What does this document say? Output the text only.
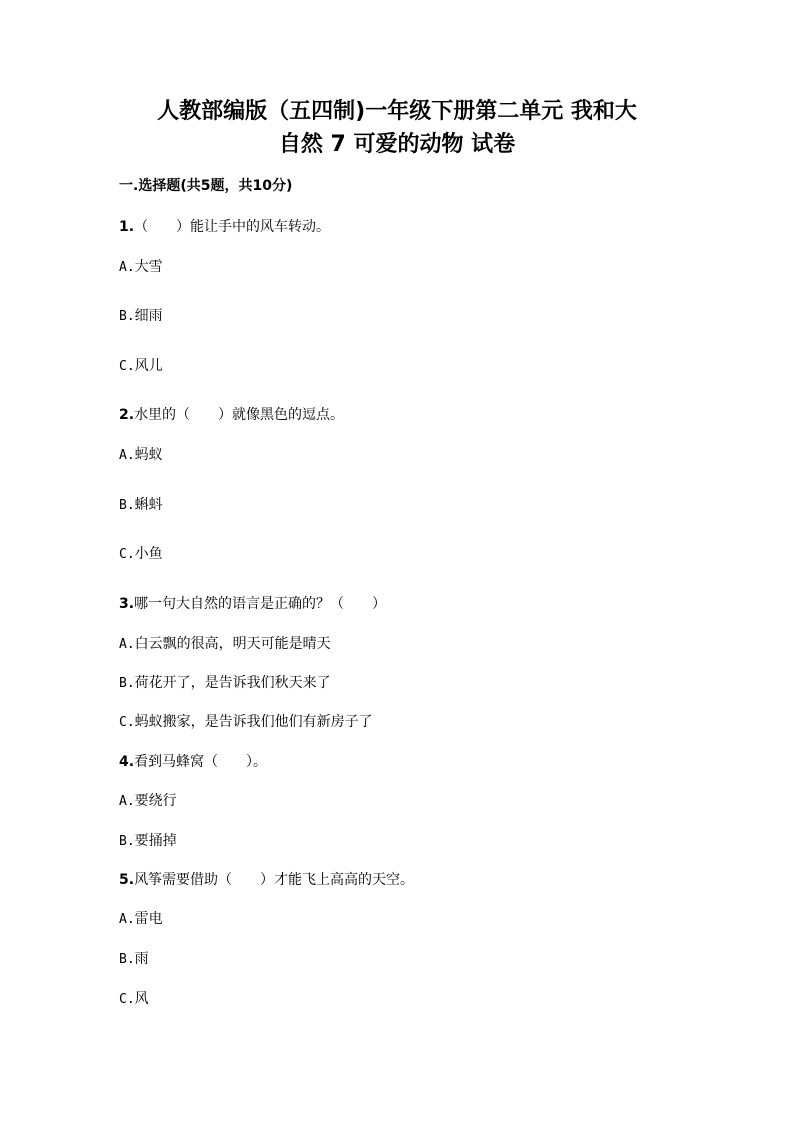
人教部编版（五四制)一年级下册第二单元 我和大
自然 7 可爱的动物 试卷
一.选择题(共5题，共10分)
1.（　　）能让手中的风车转动。
A.大雪
B.细雨
C.风儿
2.水里的（　　）就像黑色的逗点。
A.蚂蚁
B.蝌蚪
C.小鱼
3.哪一句大自然的语言是正确的？（　　）
A.白云飘的很高，明天可能是晴天
B.荷花开了，是告诉我们秋天来了
C.蚂蚁搬家，是告诉我们他们有新房子了
4.看到马蜂窝（　　）。
A.要绕行
B.要捅掉
5.风筝需要借助（　　）才能飞上高高的天空。
A.雷电
B.雨
C.风
